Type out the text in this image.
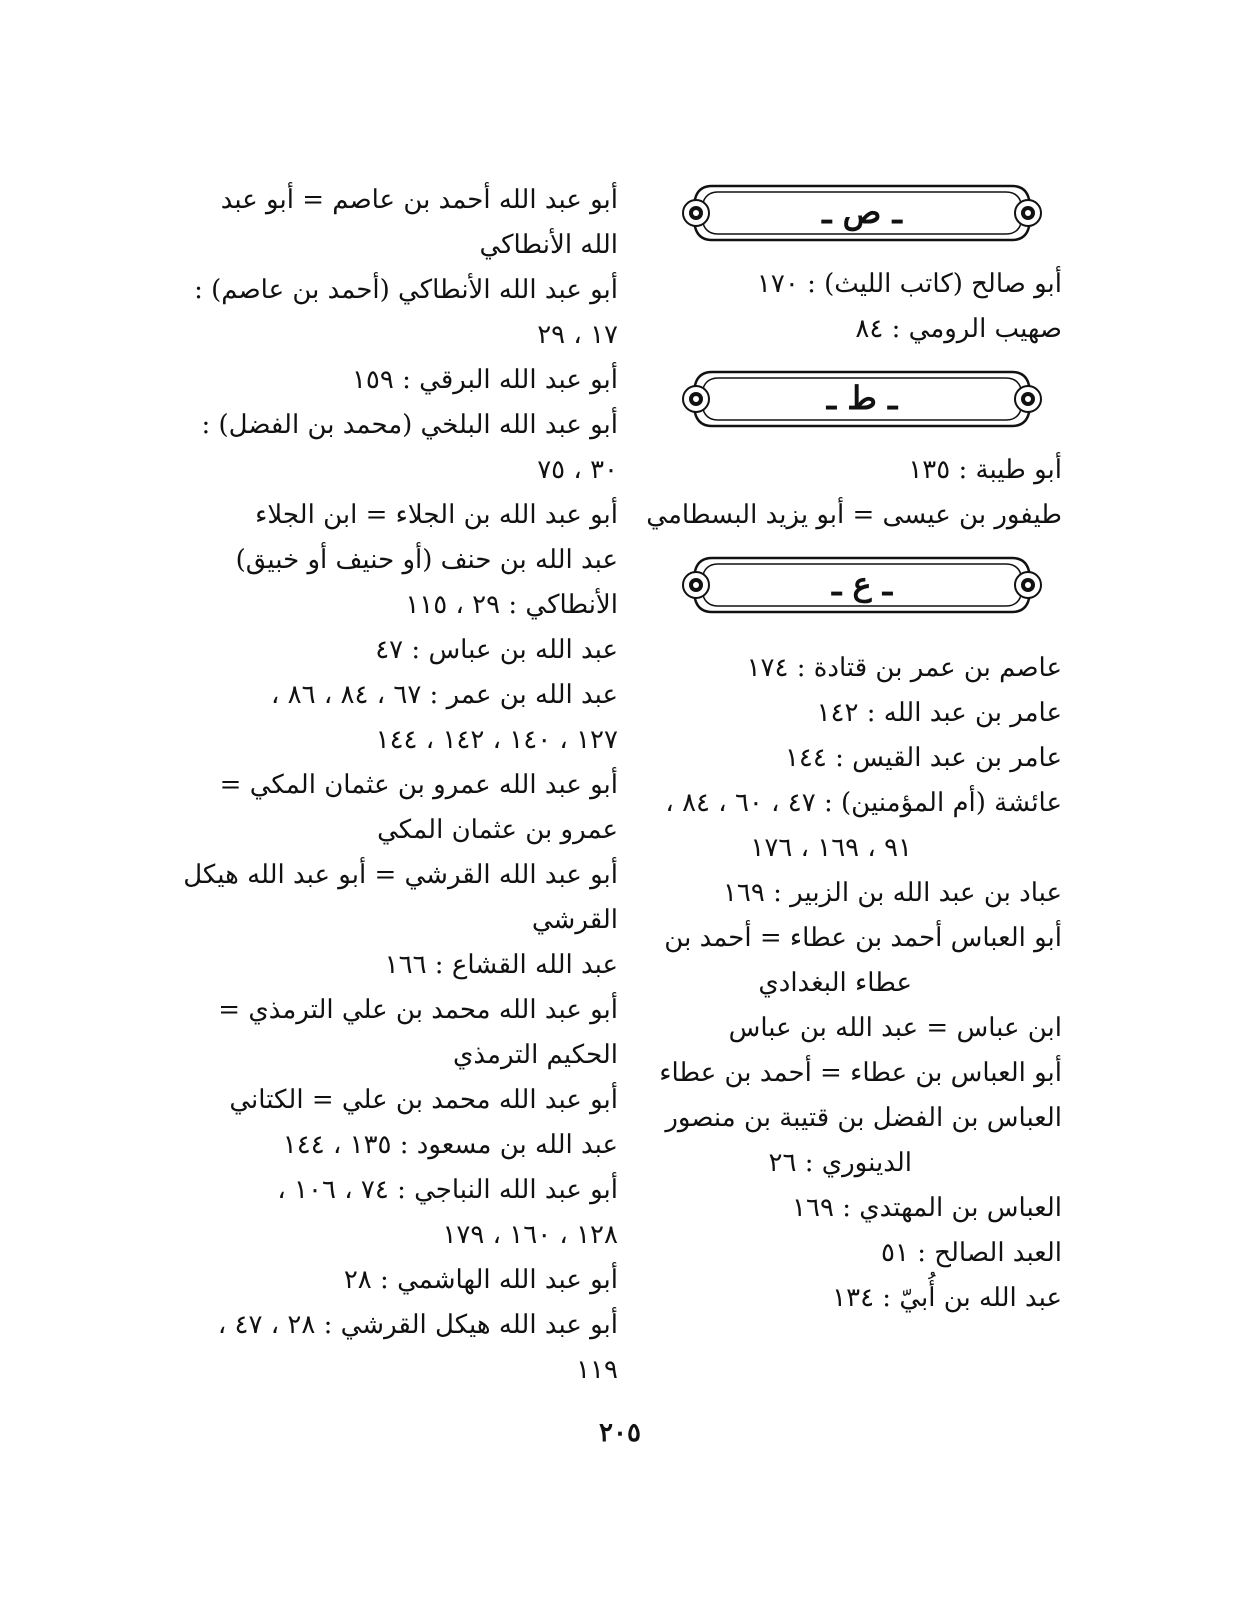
ـ ص ـ
أبو صالح (كاتب الليث) : ١٧٠
صهيب الرومي : ٨٤
ـ ط ـ
أبو طيبة : ١٣٥
طيفور بن عيسى = أبو يزيد البسطامي
ـ ع ـ
عاصم بن عمر بن قتادة : ١٧٤
عامر بن عبد الله : ١٤٢
عامر بن عبد القيس : ١٤٤
عائشة (أم المؤمنين) : ٤٧ ، ٦٠ ، ٨٤ ،
٩١ ، ١٦٩ ، ١٧٦
عباد بن عبد الله بن الزبير : ١٦٩
أبو العباس أحمد بن عطاء = أحمد بن
عطاء البغدادي
ابن عباس = عبد الله بن عباس
أبو العباس بن عطاء = أحمد بن عطاء
العباس بن الفضل بن قتيبة بن منصور
الدينوري : ٢٦
العباس بن المهتدي : ١٦٩
العبد الصالح : ٥١
عبد الله بن أُبيّ : ١٣٤
أبو عبد الله أحمد بن عاصم = أبو عبد
الله الأنطاكي
أبو عبد الله الأنطاكي (أحمد بن عاصم) :
١٧ ، ٢٩
أبو عبد الله البرقي : ١٥٩
أبو عبد الله البلخي (محمد بن الفضل) :
٣٠ ، ٧٥
أبو عبد الله بن الجلاء = ابن الجلاء
عبد الله بن حنف (أو حنيف أو خبيق)
الأنطاكي : ٢٩ ، ١١٥
عبد الله بن عباس : ٤٧
عبد الله بن عمر : ٦٧ ، ٨٤ ، ٨٦ ،
١٢٧ ، ١٤٠ ، ١٤٢ ، ١٤٤
أبو عبد الله عمرو بن عثمان المكي =
عمرو بن عثمان المكي
أبو عبد الله القرشي = أبو عبد الله هيكل
القرشي
عبد الله القشاع : ١٦٦
أبو عبد الله محمد بن علي الترمذي =
الحكيم الترمذي
أبو عبد الله محمد بن علي = الكتاني
عبد الله بن مسعود : ١٣٥ ، ١٤٤
أبو عبد الله النباجي : ٧٤ ، ١٠٦ ،
١٢٨ ، ١٦٠ ، ١٧٩
أبو عبد الله الهاشمي : ٢٨
أبو عبد الله هيكل القرشي : ٢٨ ، ٤٧ ،
١١٩
٢٠٥
